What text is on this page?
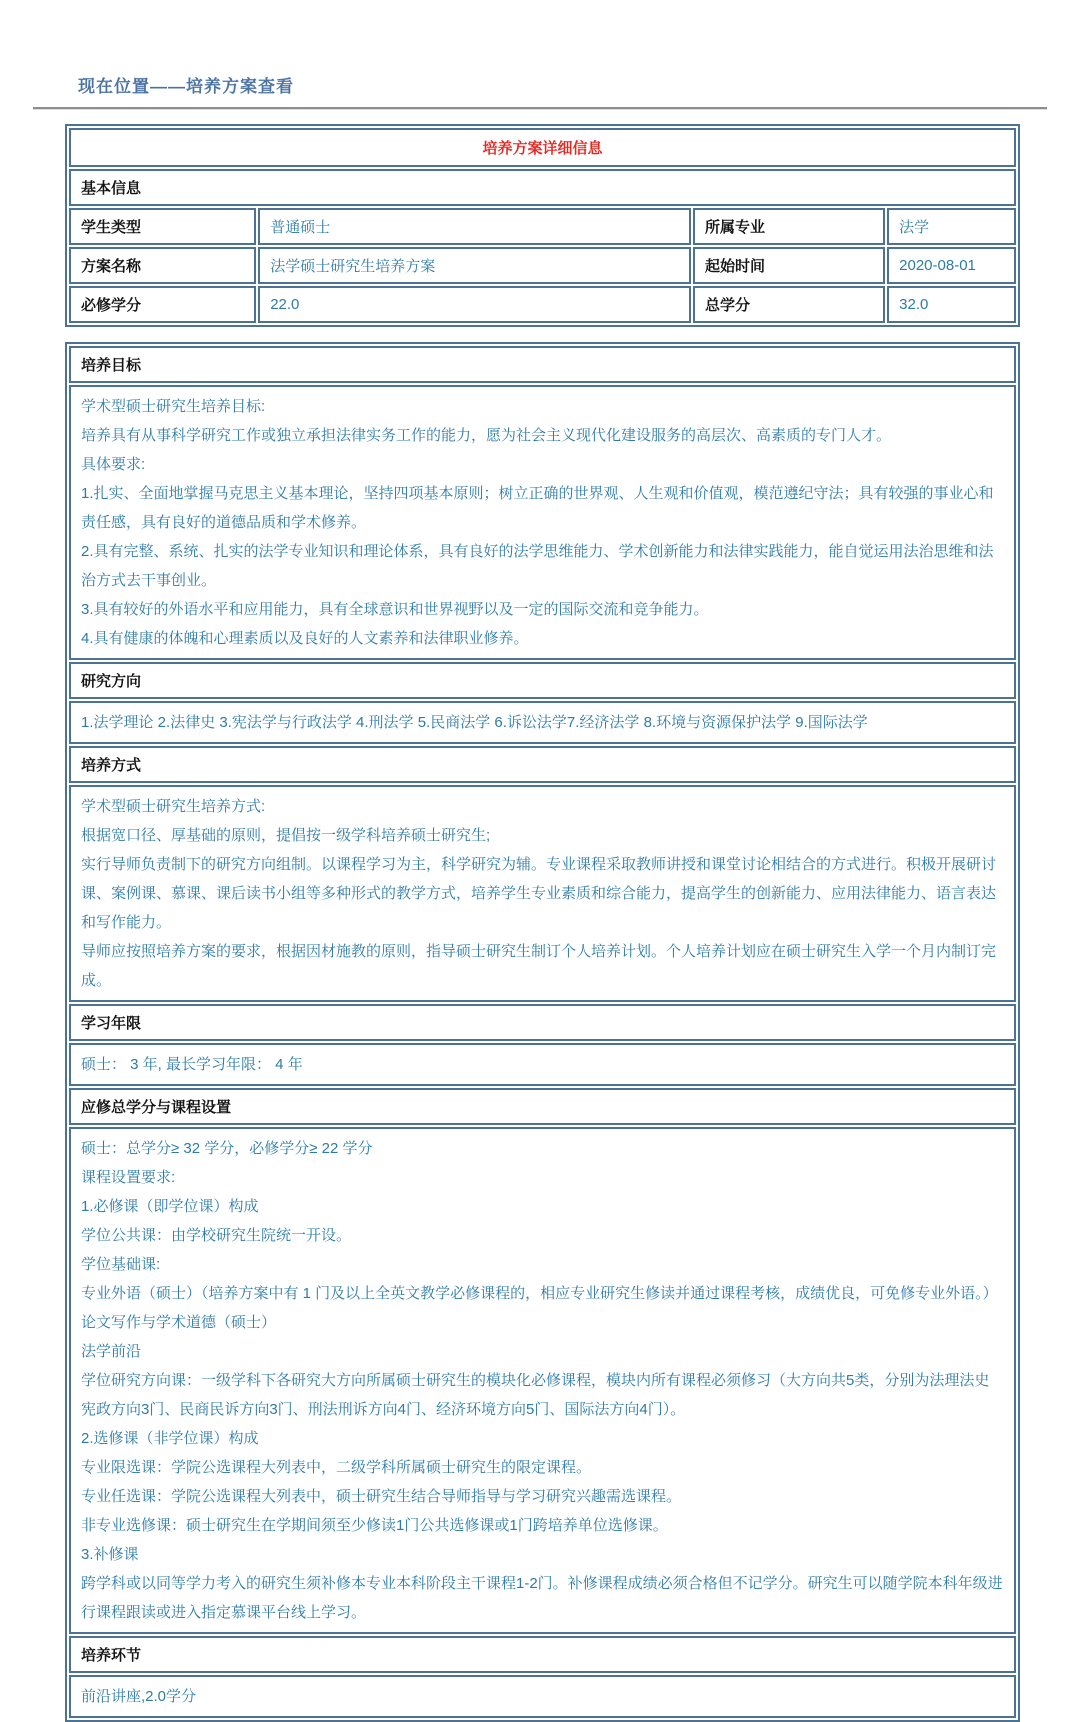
现在位置――培养方案查看
培养方案详细信息			
基本信息			
学生类型	普通硕士	所属专业	法学
方案名称	法学硕士研究生培养方案	起始时间	2020-08-01
必修学分	22.0	总学分	32.0
培养目标

学术型硕士研究生培养目标:
培养具有从事科学研究工作或独立承担法律实务工作的能力，愿为社会主义现代化建设服务的高层次、高素质的专门人才。
具体要求:
1.扎实、全面地掌握马克思主义基本理论，坚持四项基本原则；树立正确的世界观、人生观和价值观，模范遵纪守法；具有较强的事业心和责任感，具有良好的道德品质和学术修养。
2.具有完整、系统、扎实的法学专业知识和理论体系，具有良好的法学思维能力、学术创新能力和法律实践能力，能自觉运用法治思维和法治方式去干事创业。
3.具有较好的外语水平和应用能力，具有全球意识和世界视野以及一定的国际交流和竞争能力。
4.具有健康的体魄和心理素质以及良好的人文素养和法律职业修养。

研究方向

1.法学理论 2.法律史 3.宪法学与行政法学 4.刑法学 5.民商法学 6.诉讼法学7.经济法学 8.环境与资源保护法学 9.国际法学

培养方式

学术型硕士研究生培养方式:
根据宽口径、厚基础的原则，提倡按一级学科培养硕士研究生;
实行导师负责制下的研究方向组制。以课程学习为主，科学研究为辅。专业课程采取教师讲授和课堂讨论相结合的方式进行。积极开展研讨课、案例课、慕课、课后读书小组等多种形式的教学方式，培养学生专业素质和综合能力，提高学生的创新能力、应用法律能力、语言表达和写作能力。
导师应按照培养方案的要求，根据因材施教的原则，指导硕士研究生制订个人培养计划。个人培养计划应在硕士研究生入学一个月内制订完成。

学习年限

硕士： 3 年, 最长学习年限： 4 年

应修总学分与课程设置

硕士：总学分≥ 32 学分，必修学分≥ 22 学分
课程设置要求:
1.必修课（即学位课）构成
学位公共课：由学校研究生院统一开设。
学位基础课:
专业外语（硕士）（培养方案中有 1 门及以上全英文教学必修课程的，相应专业研究生修读并通过课程考核，成绩优良，可免修专业外语。）
论文写作与学术道德（硕士）
法学前沿
学位研究方向课：一级学科下各研究大方向所属硕士研究生的模块化必修课程，模块内所有课程必须修习（大方向共5类，分别为法理法史宪政方向3门、民商民诉方向3门、刑法刑诉方向4门、经济环境方向5门、国际法方向4门）。
2.选修课（非学位课）构成
专业限选课：学院公选课程大列表中，二级学科所属硕士研究生的限定课程。
专业任选课：学院公选课程大列表中，硕士研究生结合导师指导与学习研究兴趣需选课程。
非专业选修课：硕士研究生在学期间须至少修读1门公共选修课或1门跨培养单位选修课。
3.补修课
跨学科或以同等学力考入的研究生须补修本专业本科阶段主干课程1-2门。补修课程成绩必须合格但不记学分。研究生可以随学院本科年级进行课程跟读或进入指定慕课平台线上学习。

培养环节

前沿讲座,2.0学分
